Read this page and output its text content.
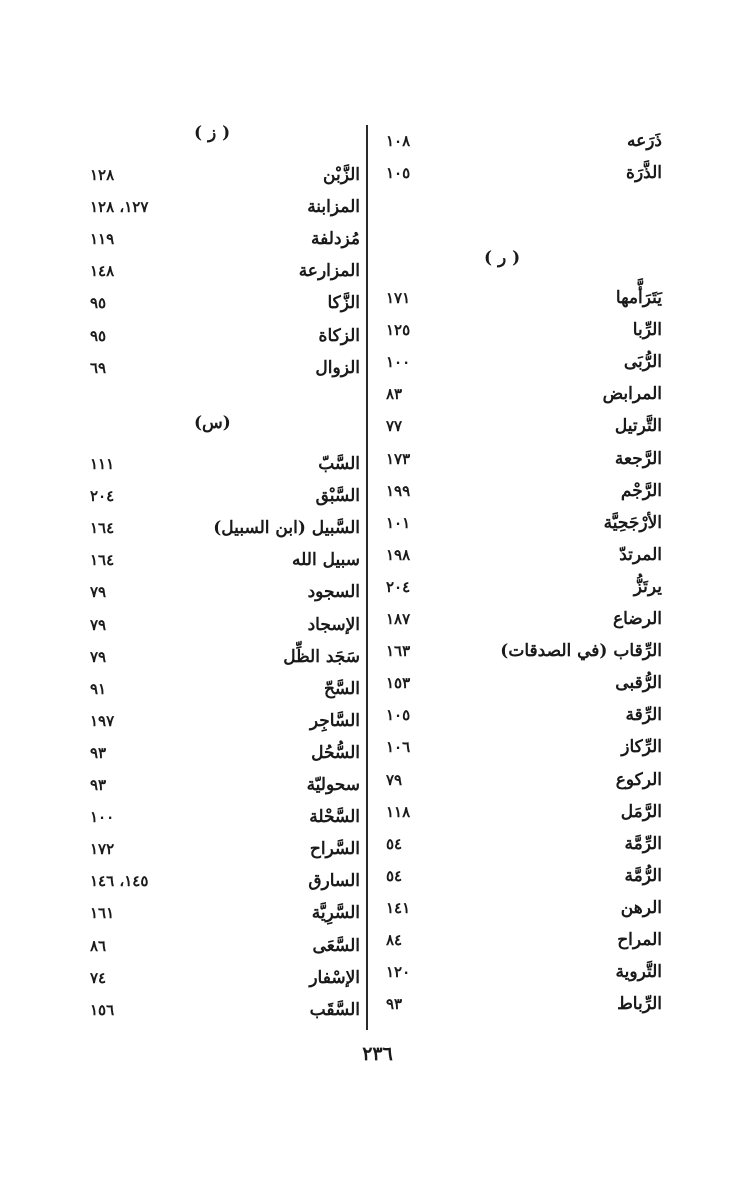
ذَرَعه
١٠٨
الذَّرَة
١٠٥
( ر )
يَتَرَأَّمها
١٧١
الرِّبا
١٢٥
الرُّبَى
١٠٠
المرابض
٨٣
التَّرتيل
٧٧
الرَّجعة
١٧٣
الرَّجْم
١٩٩
الأرْجَحِيَّة
١٠١
المرتدّ
١٩٨
يرتَزُّ
٢٠٤
الرضاع
١٨٧
الرِّقاب (في الصدقات)
١٦٣
الرُّقبى
١٥٣
الرِّقة
١٠٥
الرِّكاز
١٠٦
الركوع
٧٩
الرَّمَل
١١٨
الرِّمَّة
٥٤
الرُّمَّة
٥٤
الرهن
١٤١
المراح
٨٤
التَّروية
١٢٠
الرِّباط
٩٣
( ز )
الزَّبْن
١٢٨
المزابنة
١٢٧، ١٢٨
مُزدلفة
١١٩
المزارعة
١٤٨
الزَّكا
٩٥
الزكاة
٩٥
الزوال
٦٩
(س)
السَّبّ
١١١
السَّبْق
٢٠٤
السَّبيل (ابن السبيل)
١٦٤
سبيل الله
١٦٤
السجود
٧٩
الإسجاد
٧٩
سَجَد الظِّل
٧٩
السَّحّ
٩١
السَّاجِر
١٩٧
السُّحُل
٩٣
سحوليّة
٩٣
السَّحْلة
١٠٠
السَّراح
١٧٢
السارق
١٤٥، ١٤٦
السَّرِيَّة
١٦١
السَّعَى
٨٦
الإسْفار
٧٤
السَّقَب
١٥٦
٢٣٦
